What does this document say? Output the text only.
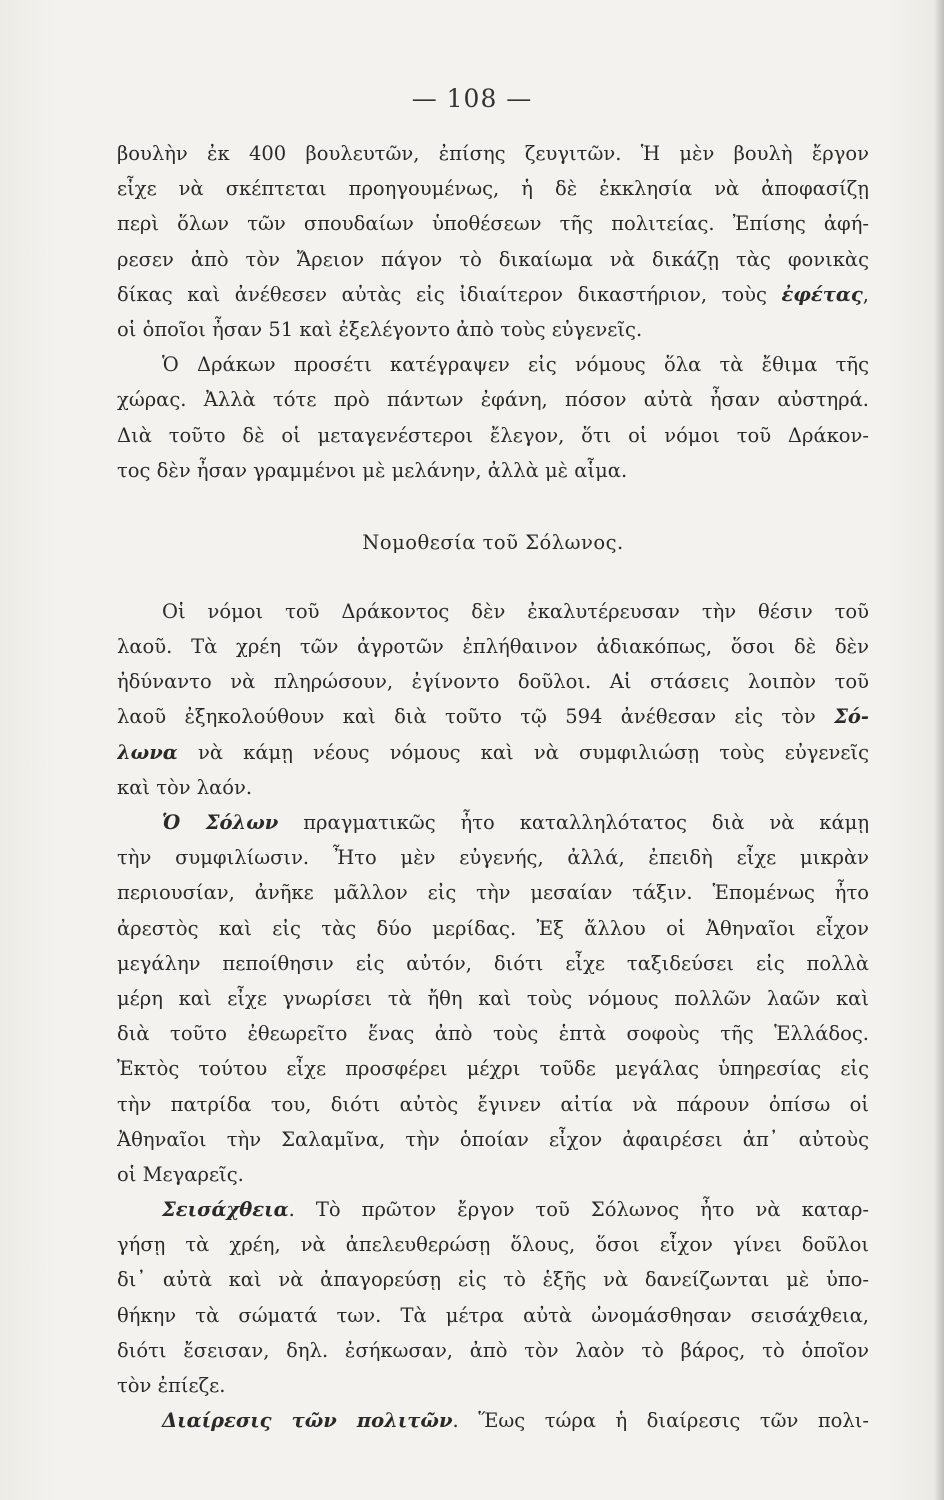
— 108 —
βουλὴν ἐκ 400 βουλευτῶν, ἐπίσης ζευγιτῶν. Ἡ μὲν βουλὴ ἔργον
εἶχε νὰ σκέπτεται προηγουμένως, ἡ δὲ ἐκκλησία νὰ ἀποφασίζῃ
περὶ ὅλων τῶν σπουδαίων ὑποθέσεων τῆς πολιτείας. Ἐπίσης ἀφή-
ρεσεν ἀπὸ τὸν Ἄρειον πάγον τὸ δικαίωμα νὰ δικάζῃ τὰς φονικὰς
δίκας καὶ ἀνέθεσεν αὐτὰς εἰς ἰδιαίτερον δικαστήριον, τοὺς ἐφέτας,
οἱ ὁποῖοι ἦσαν 51 καὶ ἐξελέγοντο ἀπὸ τοὺς εὐγενεῖς.
Ὁ Δράκων προσέτι κατέγραψεν εἰς νόμους ὅλα τὰ ἔθιμα τῆς
χώρας. Ἀλλὰ τότε πρὸ πάντων ἐφάνη, πόσον αὐτὰ ἦσαν αὐστηρά.
Διὰ τοῦτο δὲ οἱ μεταγενέστεροι ἔλεγον, ὅτι οἱ νόμοι τοῦ Δράκον-
τος δὲν ἦσαν γραμμένοι μὲ μελάνην, ἀλλὰ μὲ αἷμα.
Νομοθεσία τοῦ Σόλωνος.
Οἱ νόμοι τοῦ Δράκοντος δὲν ἐκαλυτέρευσαν τὴν θέσιν τοῦ
λαοῦ. Τὰ χρέη τῶν ἀγροτῶν ἐπλήθαινον ἀδιακόπως, ὅσοι δὲ δὲν
ἠδύναντο νὰ πληρώσουν, ἐγίνοντο δοῦλοι. Αἱ στάσεις λοιπὸν τοῦ
λαοῦ ἐξηκολούθουν καὶ διὰ τοῦτο τῷ 594 ἀνέθεσαν εἰς τὸν Σό-
λωνα νὰ κάμῃ νέους νόμους καὶ νὰ συμφιλιώσῃ τοὺς εὐγενεῖς
καὶ τὸν λαόν.
Ὁ Σόλων πραγματικῶς ἦτο καταλληλότατος διὰ νὰ κάμῃ
τὴν συμφιλίωσιν. Ἦτο μὲν εὐγενής, ἀλλά, ἐπειδὴ εἶχε μικρὰν
περιουσίαν, ἀνῆκε μᾶλλον εἰς τὴν μεσαίαν τάξιν. Ἑπομένως ἦτο
ἀρεστὸς καὶ εἰς τὰς δύο μερίδας. Ἐξ ἄλλου οἱ Ἀθηναῖοι εἶχον
μεγάλην πεποίθησιν εἰς αὐτόν, διότι εἶχε ταξιδεύσει εἰς πολλὰ
μέρη καὶ εἶχε γνωρίσει τὰ ἤθη καὶ τοὺς νόμους πολλῶν λαῶν καὶ
διὰ τοῦτο ἐθεωρεῖτο ἕνας ἀπὸ τοὺς ἑπτὰ σοφοὺς τῆς Ἑλλάδος.
Ἐκτὸς τούτου εἶχε προσφέρει μέχρι τοῦδε μεγάλας ὑπηρεσίας εἰς
τὴν πατρίδα του, διότι αὐτὸς ἔγινεν αἰτία νὰ πάρουν ὀπίσω οἱ
Ἀθηναῖοι τὴν Σαλαμῖνα, τὴν ὁποίαν εἶχον ἀφαιρέσει ἀπ᾽ αὐτοὺς
οἱ Μεγαρεῖς.
Σεισάχθεια. Τὸ πρῶτον ἔργον τοῦ Σόλωνος ἦτο νὰ καταρ-
γήσῃ τὰ χρέη, νὰ ἀπελευθερώσῃ ὅλους, ὅσοι εἶχον γίνει δοῦλοι
δι᾽ αὐτὰ καὶ νὰ ἀπαγορεύσῃ εἰς τὸ ἑξῆς νὰ δανείζωνται μὲ ὑπο-
θήκην τὰ σώματά των. Τὰ μέτρα αὐτὰ ὠνομάσθησαν σεισάχθεια,
διότι ἔσεισαν, δηλ. ἐσήκωσαν, ἀπὸ τὸν λαὸν τὸ βάρος, τὸ ὁποῖον
τὸν ἐπίεζε.
Διαίρεσις τῶν πολιτῶν. Ἕως τώρα ἡ διαίρεσις τῶν πολι-
